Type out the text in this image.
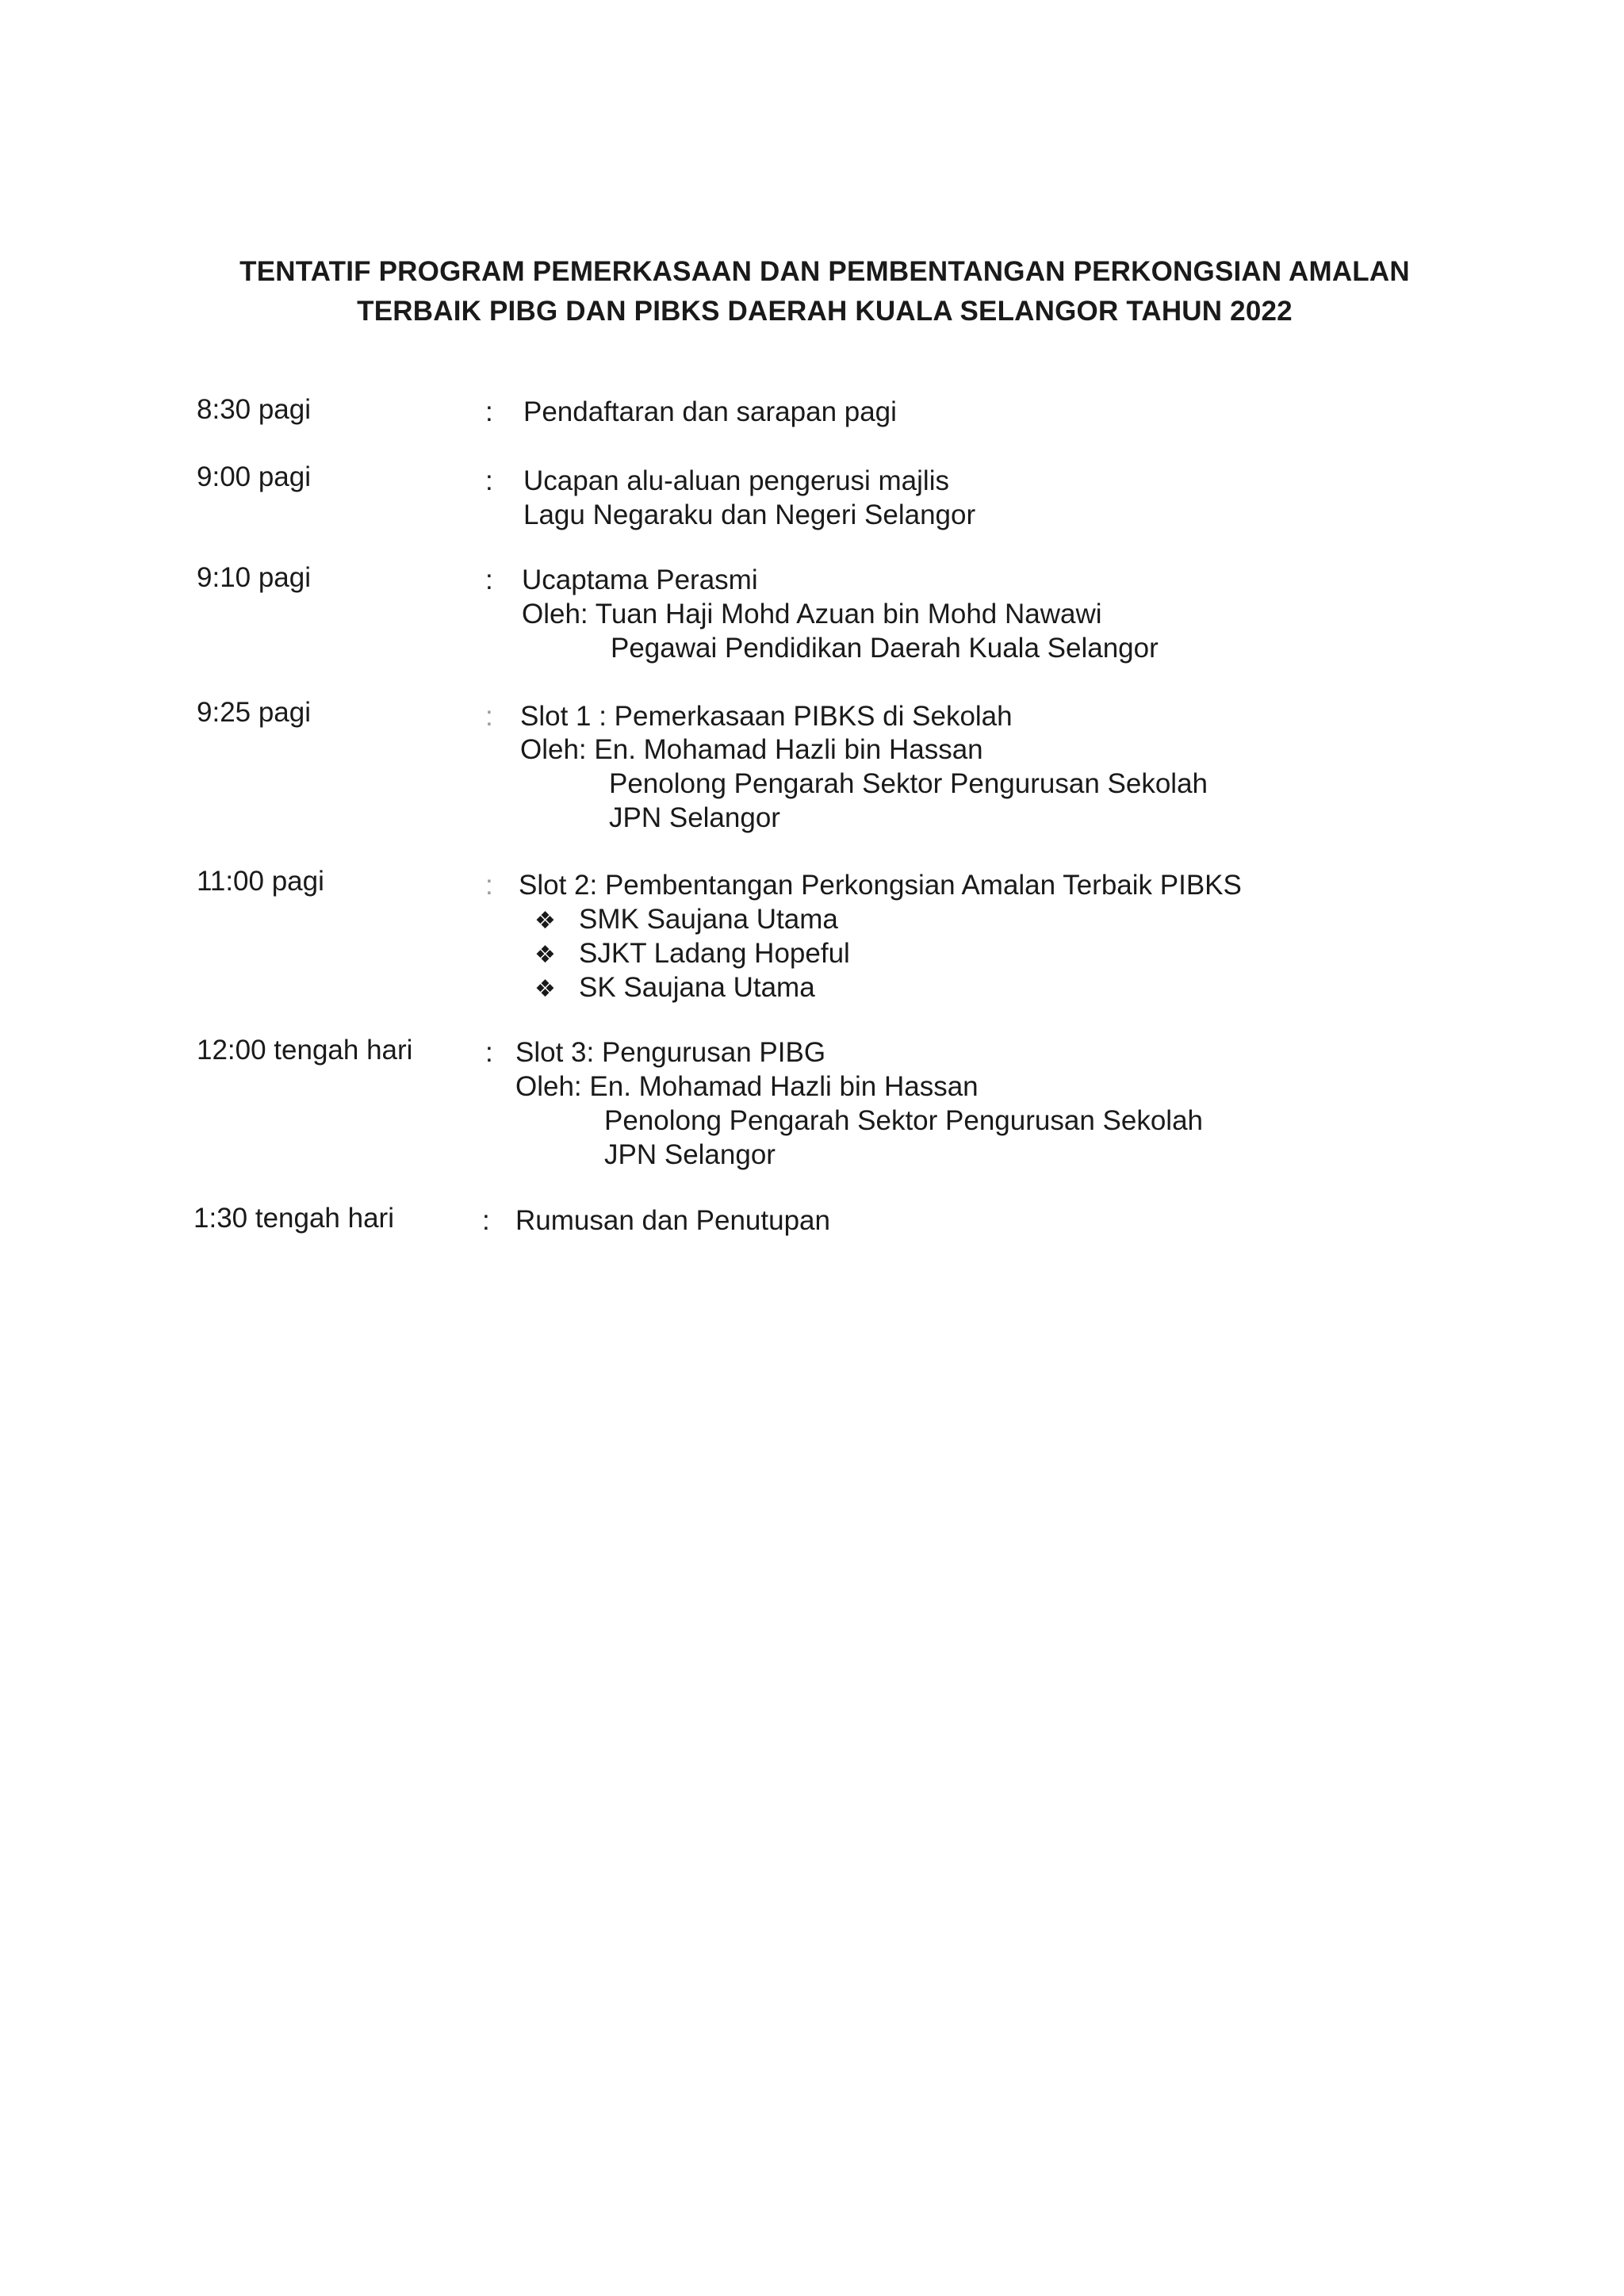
TENTATIF PROGRAM PEMERKASAAN DAN PEMBENTANGAN PERKONGSIAN AMALAN
TERBAIK PIBG DAN PIBKS DAERAH KUALA SELANGOR TAHUN 2022
8:30 pagi	: Pendaftaran dan sarapan pagi
9:00 pagi	: Ucapan alu-aluan pengerusi majlis
Lagu Negaraku dan Negeri Selangor
9:10 pagi	: Ucaptama Perasmi
Oleh: Tuan Haji Mohd Azuan bin Mohd Nawawi
Pegawai Pendidikan Daerah Kuala Selangor
9:25 pagi	: Slot 1 : Pemerkasaan PIBKS di Sekolah
Oleh: En. Mohamad Hazli bin Hassan
Penolong Pengarah Sektor Pengurusan Sekolah
JPN Selangor
11:00 pagi	: Slot 2: Pembentangan Perkongsian Amalan Terbaik PIBKS
❖ SMK Saujana Utama
❖ SJKT Ladang Hopeful
❖ SK Saujana Utama
12:00 tengah hari	: Slot 3: Pengurusan PIBG
Oleh: En. Mohamad Hazli bin Hassan
Penolong Pengarah Sektor Pengurusan Sekolah
JPN Selangor
1:30 tengah hari	: Rumusan dan Penutupan
